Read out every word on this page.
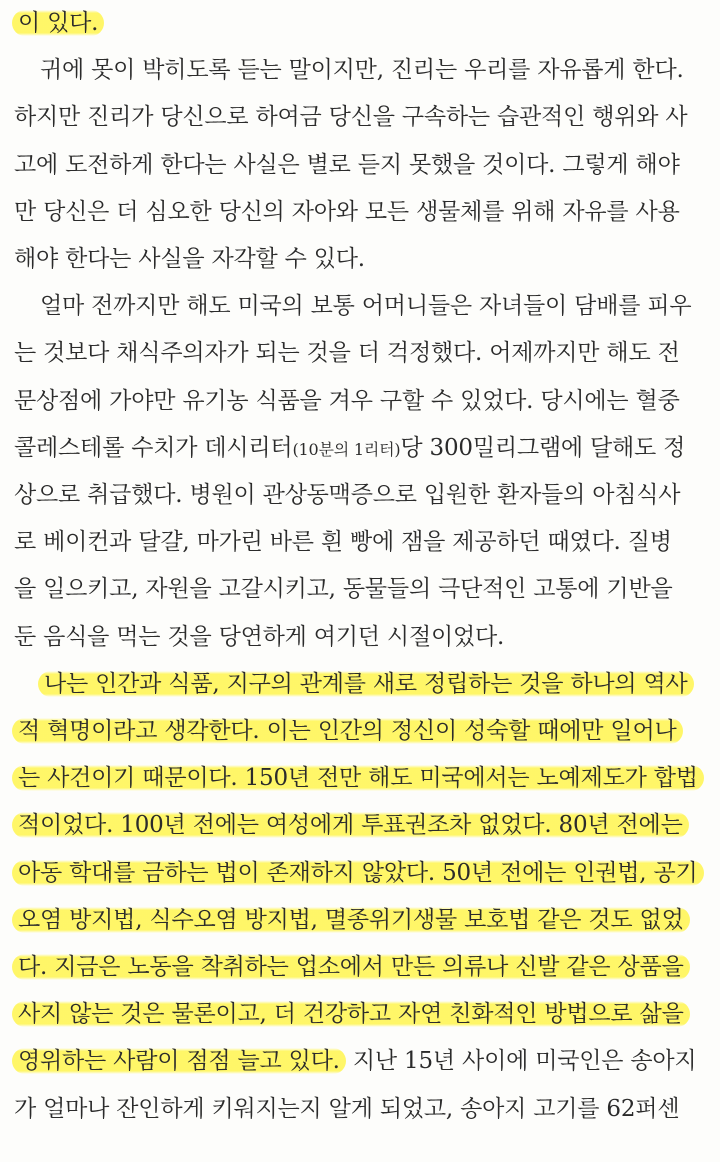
이 있다.
귀에 못이 박히도록 듣는 말이지만, 진리는 우리를 자유롭게 한다.
하지만 진리가 당신으로 하여금 당신을 구속하는 습관적인 행위와 사
고에 도전하게 한다는 사실은 별로 듣지 못했을 것이다. 그렇게 해야
만 당신은 더 심오한 당신의 자아와 모든 생물체를 위해 자유를 사용
해야 한다는 사실을 자각할 수 있다.
얼마 전까지만 해도 미국의 보통 어머니들은 자녀들이 담배를 피우
는 것보다 채식주의자가 되는 것을 더 걱정했다. 어제까지만 해도 전
문상점에 가야만 유기농 식품을 겨우 구할 수 있었다. 당시에는 혈중
콜레스테롤 수치가 데시리터(10분의 1리터)당 300밀리그램에 달해도 정
상으로 취급했다. 병원이 관상동맥증으로 입원한 환자들의 아침식사
로 베이컨과 달걀, 마가린 바른 흰 빵에 잼을 제공하던 때였다. 질병
을 일으키고, 자원을 고갈시키고, 동물들의 극단적인 고통에 기반을
둔 음식을 먹는 것을 당연하게 여기던 시절이었다.
나는 인간과 식품, 지구의 관계를 새로 정립하는 것을 하나의 역사
적 혁명이라고 생각한다. 이는 인간의 정신이 성숙할 때에만 일어나
는 사건이기 때문이다. 150년 전만 해도 미국에서는 노예제도가 합법
적이었다. 100년 전에는 여성에게 투표권조차 없었다. 80년 전에는
아동 학대를 금하는 법이 존재하지 않았다. 50년 전에는 인권법, 공기
오염 방지법, 식수오염 방지법, 멸종위기생물 보호법 같은 것도 없었
다. 지금은 노동을 착취하는 업소에서 만든 의류나 신발 같은 상품을
사지 않는 것은 물론이고, 더 건강하고 자연 친화적인 방법으로 삶을
영위하는 사람이 점점 늘고 있다. 지난 15년 사이에 미국인은 송아지
가 얼마나 잔인하게 키워지는지 알게 되었고, 송아지 고기를 62퍼센
